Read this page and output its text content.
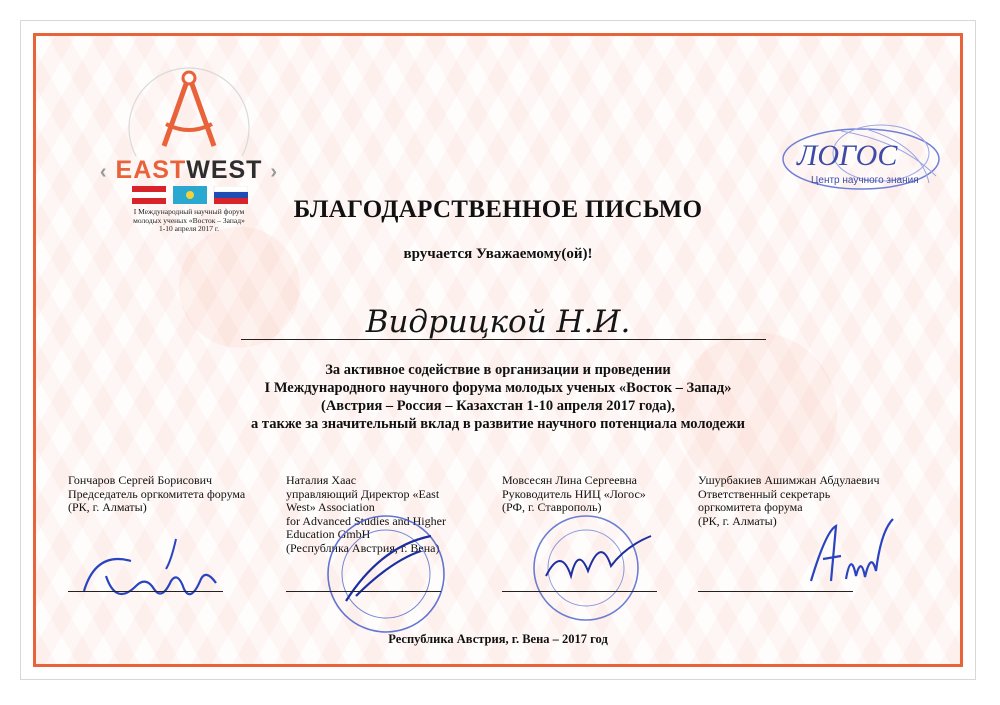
‹ EASTWEST ›
I Международный научный форум
молодых ученых «Восток – Запад»
1-10 апреля 2017 г.
ЛОГОС
Центр научного знания
БЛАГОДАРСТВЕННОЕ ПИСЬМО
вручается Уважаемому(ой)!
Видрицкой Н.И.
За активное содействие в организации и проведении
I Международного научного форума молодых ученых «Восток – Запад»
(Австрия – Россия – Казахстан 1-10 апреля 2017 года),
а также за значительный вклад в развитие научного потенциала молодежи
Гончаров Сергей Борисович
Председатель оргкомитета форума
(РК, г. Алматы)
Наталия Хаас
управляющий Директор «East
West» Association
for Advanced Studies and Higher
Education GmbH
(Республика Австрия, г. Вена)
Мовсесян Лина Сергеевна
Руководитель НИЦ «Логос»
(РФ, г. Ставрополь)
Ушурбакиев Ашимжан Абдулаевич
Ответственный секретарь
оргкомитета форума
(РК, г. Алматы)
Республика Австрия, г. Вена – 2017 год
